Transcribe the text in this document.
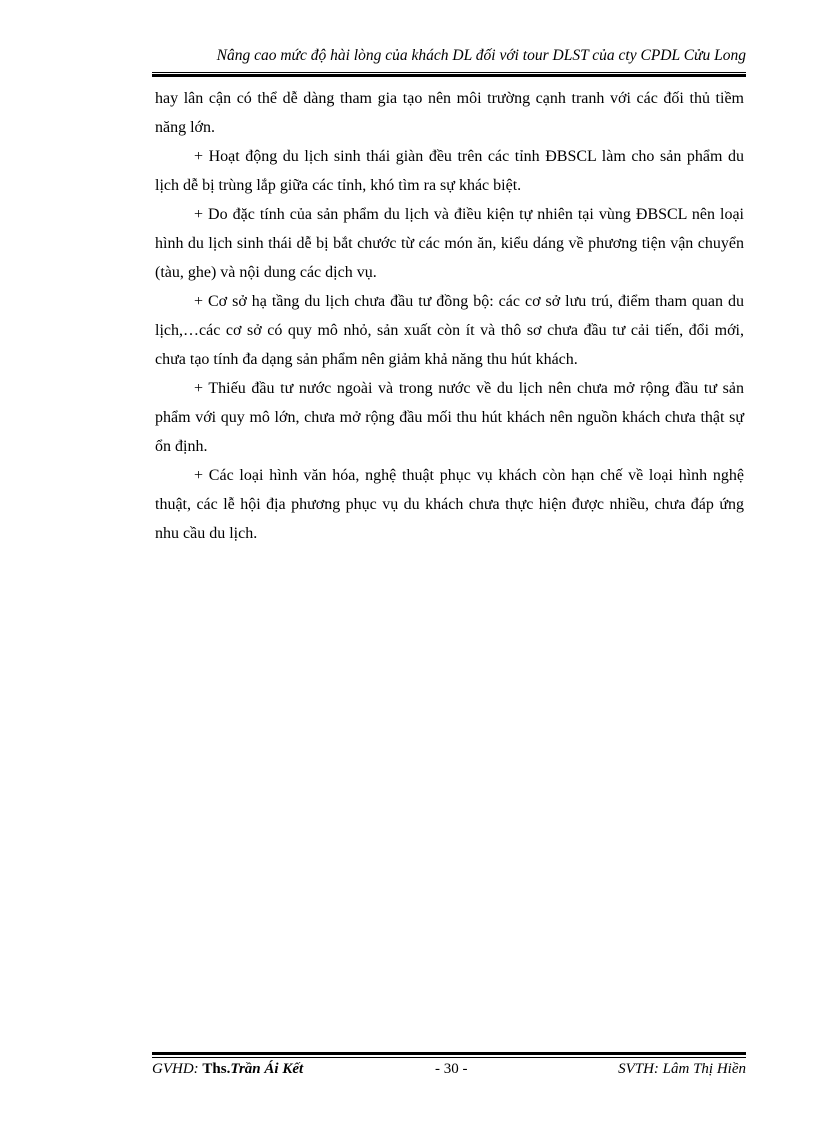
Nâng cao mức độ hài lòng của khách DL đối với tour DLST của cty CPDL Cửu Long

hay lân cận có thể dễ dàng tham gia tạo nên môi trường cạnh tranh với các đối thủ tiềm năng lớn.

+ Hoạt động du lịch sinh thái giàn đều trên các tỉnh ĐBSCL làm cho sản phẩm du lịch dễ bị trùng lắp giữa các tỉnh, khó tìm ra sự khác biệt.

+ Do đặc tính của sản phẩm du lịch và điều kiện tự nhiên tại vùng ĐBSCL nên loại hình du lịch sinh thái dễ bị bắt chước từ các món ăn, kiểu dáng về phương tiện vận chuyển (tàu, ghe) và nội dung các dịch vụ.

+ Cơ sở hạ tầng du lịch chưa đầu tư đồng bộ: các cơ sở lưu trú, điểm tham quan du lịch,…các cơ sở có quy mô nhỏ, sản xuất còn ít và thô sơ chưa đầu tư cải tiến, đổi mới, chưa tạo tính đa dạng sản phẩm nên giảm khả năng thu hút khách.

+ Thiếu đầu tư nước ngoài và trong nước về du lịch nên chưa mở rộng đầu tư sản phẩm với quy mô lớn, chưa mở rộng đầu mối thu hút khách nên nguồn khách chưa thật sự ổn định.

+ Các loại hình văn hóa, nghệ thuật phục vụ khách còn hạn chế về loại hình nghệ thuật, các lễ hội địa phương phục vụ du khách chưa thực hiện được nhiều, chưa đáp ứng nhu cầu du lịch.

GVHD: Ths.Trần Ái Kết	- 30 -	SVTH: Lâm Thị Hiền
